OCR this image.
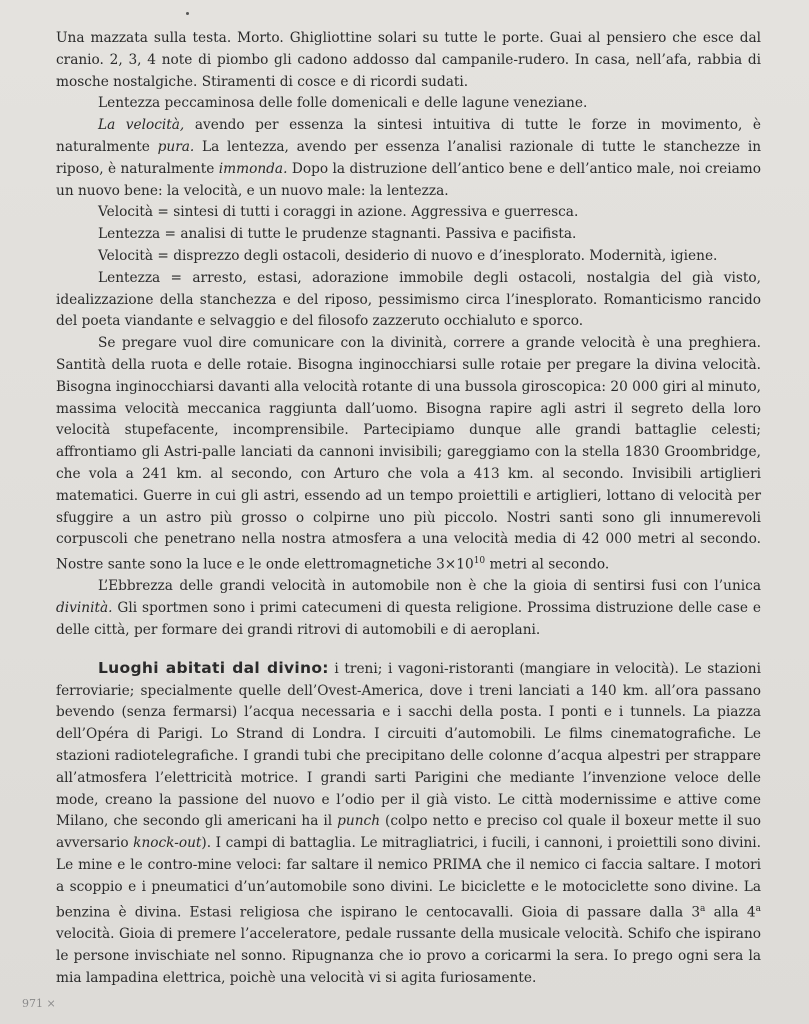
Una mazzata sulla testa. Morto. Ghigliottine solari su tutte le porte. Guai al pensiero che esce dal cranio. 2, 3, 4 note di piombo gli cadono addosso dal campanile-rudero. In casa, nell’afa, rabbia di mosche nostalgiche. Stiramenti di cosce e di ricordi sudati.

Lentezza peccaminosa delle folle domenicali e delle lagune veneziane.

La velocità, avendo per essenza la sintesi intuitiva di tutte le forze in movimento, è naturalmente pura. La lentezza, avendo per essenza l’analisi razionale di tutte le stanchezze in riposo, è naturalmente immonda. Dopo la distruzione dell’antico bene e dell’antico male, noi creiamo un nuovo bene: la velocità, e un nuovo male: la lentezza.

Velocità = sintesi di tutti i coraggi in azione. Aggressiva e guerresca.

Lentezza = analisi di tutte le prudenze stagnanti. Passiva e pacifista.

Velocità = disprezzo degli ostacoli, desiderio di nuovo e d’inesplorato. Modernità, igiene.

Lentezza = arresto, estasi, adorazione immobile degli ostacoli, nostalgia del già visto, idealizzazione della stanchezza e del riposo, pessimismo circa l’inesplorato. Romanticismo rancido del poeta viandante e selvaggio e del filosofo zazzeruto occhialuto e sporco.

Se pregare vuol dire comunicare con la divinità, correre a grande velocità è una preghiera. Santità della ruota e delle rotaie. Bisogna inginocchiarsi sulle rotaie per pregare la divina velocità. Bisogna inginocchiarsi davanti alla velocità rotante di una bussola giroscopica: 20 000 giri al minuto, massima velocità meccanica raggiunta dall’uomo. Bisogna rapire agli astri il segreto della loro velocità stupefacente, incomprensibile. Partecipiamo dunque alle grandi battaglie celesti; affrontiamo gli Astri-palle lanciati da cannoni invisibili; gareggiamo con la stella 1830 Groombridge, che vola a 241 km. al secondo, con Arturo che vola a 413 km. al secondo. Invisibili artiglieri matematici. Guerre in cui gli astri, essendo ad un tempo proiettili e artiglieri, lottano di velocità per sfuggire a un astro più grosso o colpirne uno più piccolo. Nostri santi sono gli innumerevoli corpuscoli che penetrano nella nostra atmosfera a una velocità media di 42 000 metri al secondo. Nostre sante sono la luce e le onde elettromagnetiche $3\times 10^{10}$ metri al secondo.

L’Ebbrezza delle grandi velocità in automobile non è che la gioia di sentirsi fusi con l’unica divinità. Gli sportmen sono i primi catecumeni di questa religione. Prossima distruzione delle case e delle città, per formare dei grandi ritrovi di automobili e di aeroplani.

Luoghi abitati dal divino: i treni; i vagoni-ristoranti (mangiare in velocità). Le stazioni ferroviarie; specialmente quelle dell’Ovest-America, dove i treni lanciati a 140 km. all’ora passano bevendo (senza fermarsi) l’acqua necessaria e i sacchi della posta. I ponti e i tunnels. La piazza dell’Opéra di Parigi. Lo Strand di Londra. I circuiti d’automobili. Le films cinematografiche. Le stazioni radiotelegrafiche. I grandi tubi che precipitano delle colonne d’acqua alpestri per strappare all’atmosfera l’elettricità motrice. I grandi sarti Parigini che mediante l’invenzione veloce delle mode, creano la passione del nuovo e l’odio per il già visto. Le città modernissime e attive come Milano, che secondo gli americani ha il punch (colpo netto e preciso col quale il boxeur mette il suo avversario knock-out). I campi di battaglia. Le mitragliatrici, i fucili, i cannoni, i proiettili sono divini. Le mine e le contro-mine veloci: far saltare il nemico PRIMA che il nemico ci faccia saltare. I motori a scoppio e i pneumatici d’un’automobile sono divini. Le biciclette e le motociclette sono divine. La benzina è divina. Estasi religiosa che ispirano le centocavalli. Gioia di passare dalla 3$^a$ alla 4$^a$ velocità. Gioia di premere l’acceleratore, pedale russante della musicale velocità. Schifo che ispirano le persone invischiate nel sonno. Ripugnanza che io provo a coricarmi la sera. Io prego ogni sera la mia lampadina elettrica, poichè una velocità vi si agita furiosamente.

971 ×
